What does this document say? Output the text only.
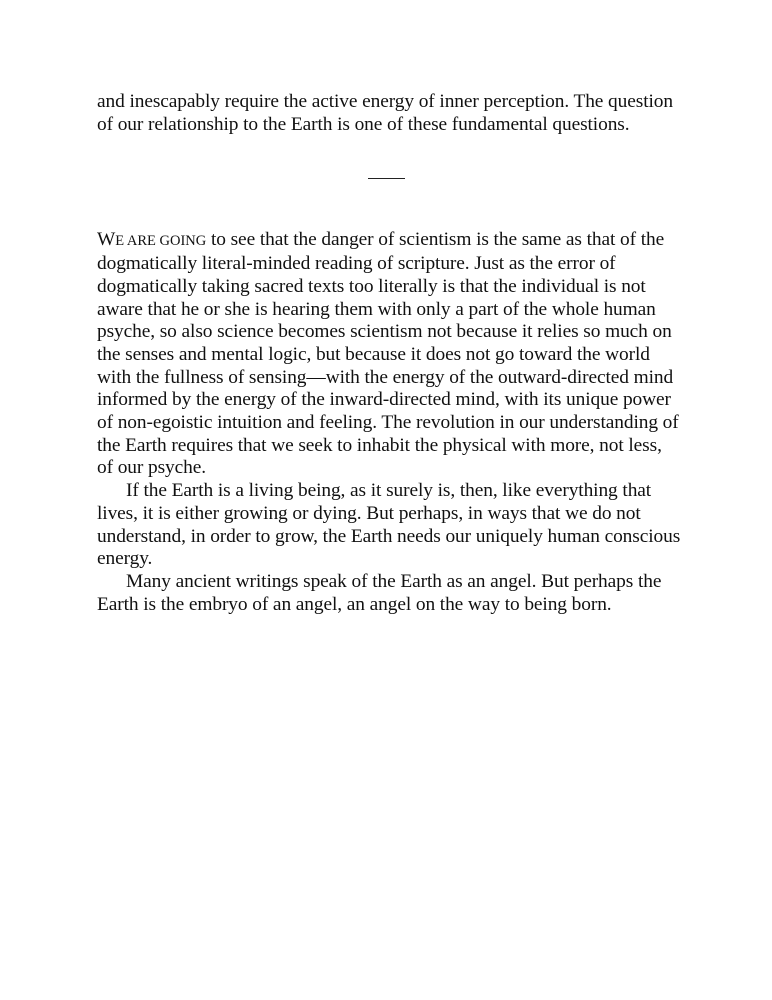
and inescapably require the active energy of inner perception. The question
of our relationship to the Earth is one of these fundamental questions.
WE ARE GOING to see that the danger of scientism is the same as that of the
dogmatically literal-minded reading of scripture. Just as the error of
dogmatically taking sacred texts too literally is that the individual is not
aware that he or she is hearing them with only a part of the whole human
psyche, so also science becomes scientism not because it relies so much on
the senses and mental logic, but because it does not go toward the world
with the fullness of sensing—with the energy of the outward-directed mind
informed by the energy of the inward-directed mind, with its unique power
of non-egoistic intuition and feeling. The revolution in our understanding of
the Earth requires that we seek to inhabit the physical with more, not less,
of our psyche.
If the Earth is a living being, as it surely is, then, like everything that
lives, it is either growing or dying. But perhaps, in ways that we do not
understand, in order to grow, the Earth needs our uniquely human conscious
energy.
Many ancient writings speak of the Earth as an angel. But perhaps the
Earth is the embryo of an angel, an angel on the way to being born.
